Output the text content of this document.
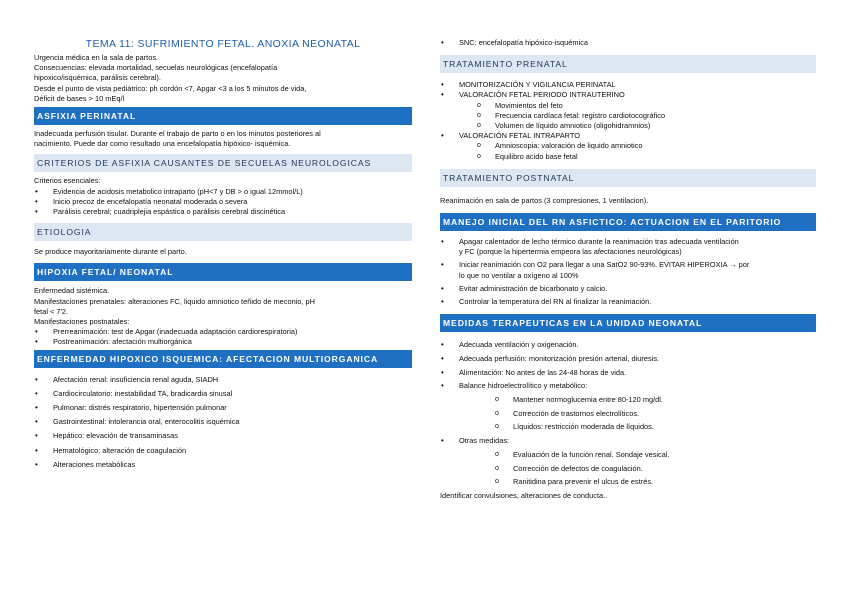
TEMA 11: SUFRIMIENTO FETAL. ANOXIA NEONATAL

Urgencia médica en la sala de partos.

Consecuencias: elevada mortalidad, secuelas neurológicas (encefalopatía

hipoxico/isquémica, parálisis cerebral).

Desde el punto de vista pediátrico: ph cordón <7, Apgar <3 a los 5 minutos de vida,

Déficit de bases > 10 mEq/l

ASFIXIA PERINATAL

Inadecuada perfusión tisular. Durante el trabajo de parto o en los minutos posteriores al

nacimiento. Puede dar como resultado una encefalopatía hipóxico- isquémica.

CRITERIOS DE ASFIXIA CAUSANTES DE SECUELAS NEUROLOGICAS

Criterios esenciales:

• Evidencia de acidosis metabolico intraparto (pH<7 y DB > o igual 12mmol/L)
• Inicio precoz de encefalopatía neonatal moderada o severa
• Parálisis cerebral; cuadriplejia espástica o parálisis cerebral discinética
ETIOLOGIA

Se produce mayoritariamente durante el parto.

HIPOXIA FETAL/ NEONATAL

Enfermedad sistémica.

Manifestaciones prenatales: alteraciones FC, liquido amniotico teñido de meconio, pH

fetal < 7'2.

Manifestaciones postnatales:

• Prerreanimación: test de Apgar (inadecuada adaptación cardiorespiratoria)
• Postreanimación: afectación multiorgánica
ENFERMEDAD HIPOXICO ISQUEMICA: AFECTACION MULTIORGANICA
• Afectación renal: insuficiencia renal aguda, SIADH
• Cardiocirculatorio: inestabilidad TA, bradicardia sinusal
• Pulmonar: distrés respiratorio, hipertensión pulmonar
• Gastrointestinal: intolerancia oral, enterocolitis isquémica
• Hepático: elevación de transaminasas
• Hematológico: alteración de coagulación
• Alteraciones metabólicas
• SNC: encefalopatía hipóxico-isquémica
TRATAMIENTO PRENATAL
• MONITORIZACIÓN Y VIGILANCIA PERINATAL
• VALORACIÓN FETAL PERIODO INTRAUTERINO
o Movimientos del feto
o Frecuencia cardíaca fetal: registro cardiotocográfico
o Volumen de líquido amniotico (oligohidramnios)
• VALORACIÓN FETAL INTRAPARTO
o Amnioscopia: valoración de liquido amniotico
o Equilibro acido base fetal
TRATAMIENTO POSTNATAL

Reanimación en sala de partos (3 compresiones, 1 ventilacion).

MANEJO INICIAL DEL RN ASFICTICO: ACTUACION EN EL PARITORIO
• Apagar calentador de lecho térmico durante la reanimación tras adecuada ventilación
y FC (porque la hipertermia empeora las afectaciones neurológicas)
• Iniciar reanimación con O2 para llegar a una SatO2 90-93%. EVITAR HIPEROXIA → por
lo que no ventilar a oxígeno al 100%
• Evitar administración de bicarbonato y calcio.
• Controlar la temperatura del RN al finalizar la reanimación.
MEDIDAS TERAPEUTICAS EN LA UNIDAD NEONATAL
• Adecuada ventilación y oxigenación.
• Adecuada perfusión: monitorización presión arterial, diuresis.
• Alimentación: No antes de las 24-48 horas de vida.
• Balance hidroelectrolítico y metabólico:
o Mantener normoglucemia entre 80-120 mg/dl.
o Corrección de trastornos electrolíticos.
o Líquidos: restricción moderada de líquidos.
• Otras medidas:
o Evaluación de la función renal. Sondaje vesical.
o Corrección de defectos de coagulación.
o Ranitidina para prevenir el ulcus de estrés.

Identificar convulsiones, alteraciones de conducta..
